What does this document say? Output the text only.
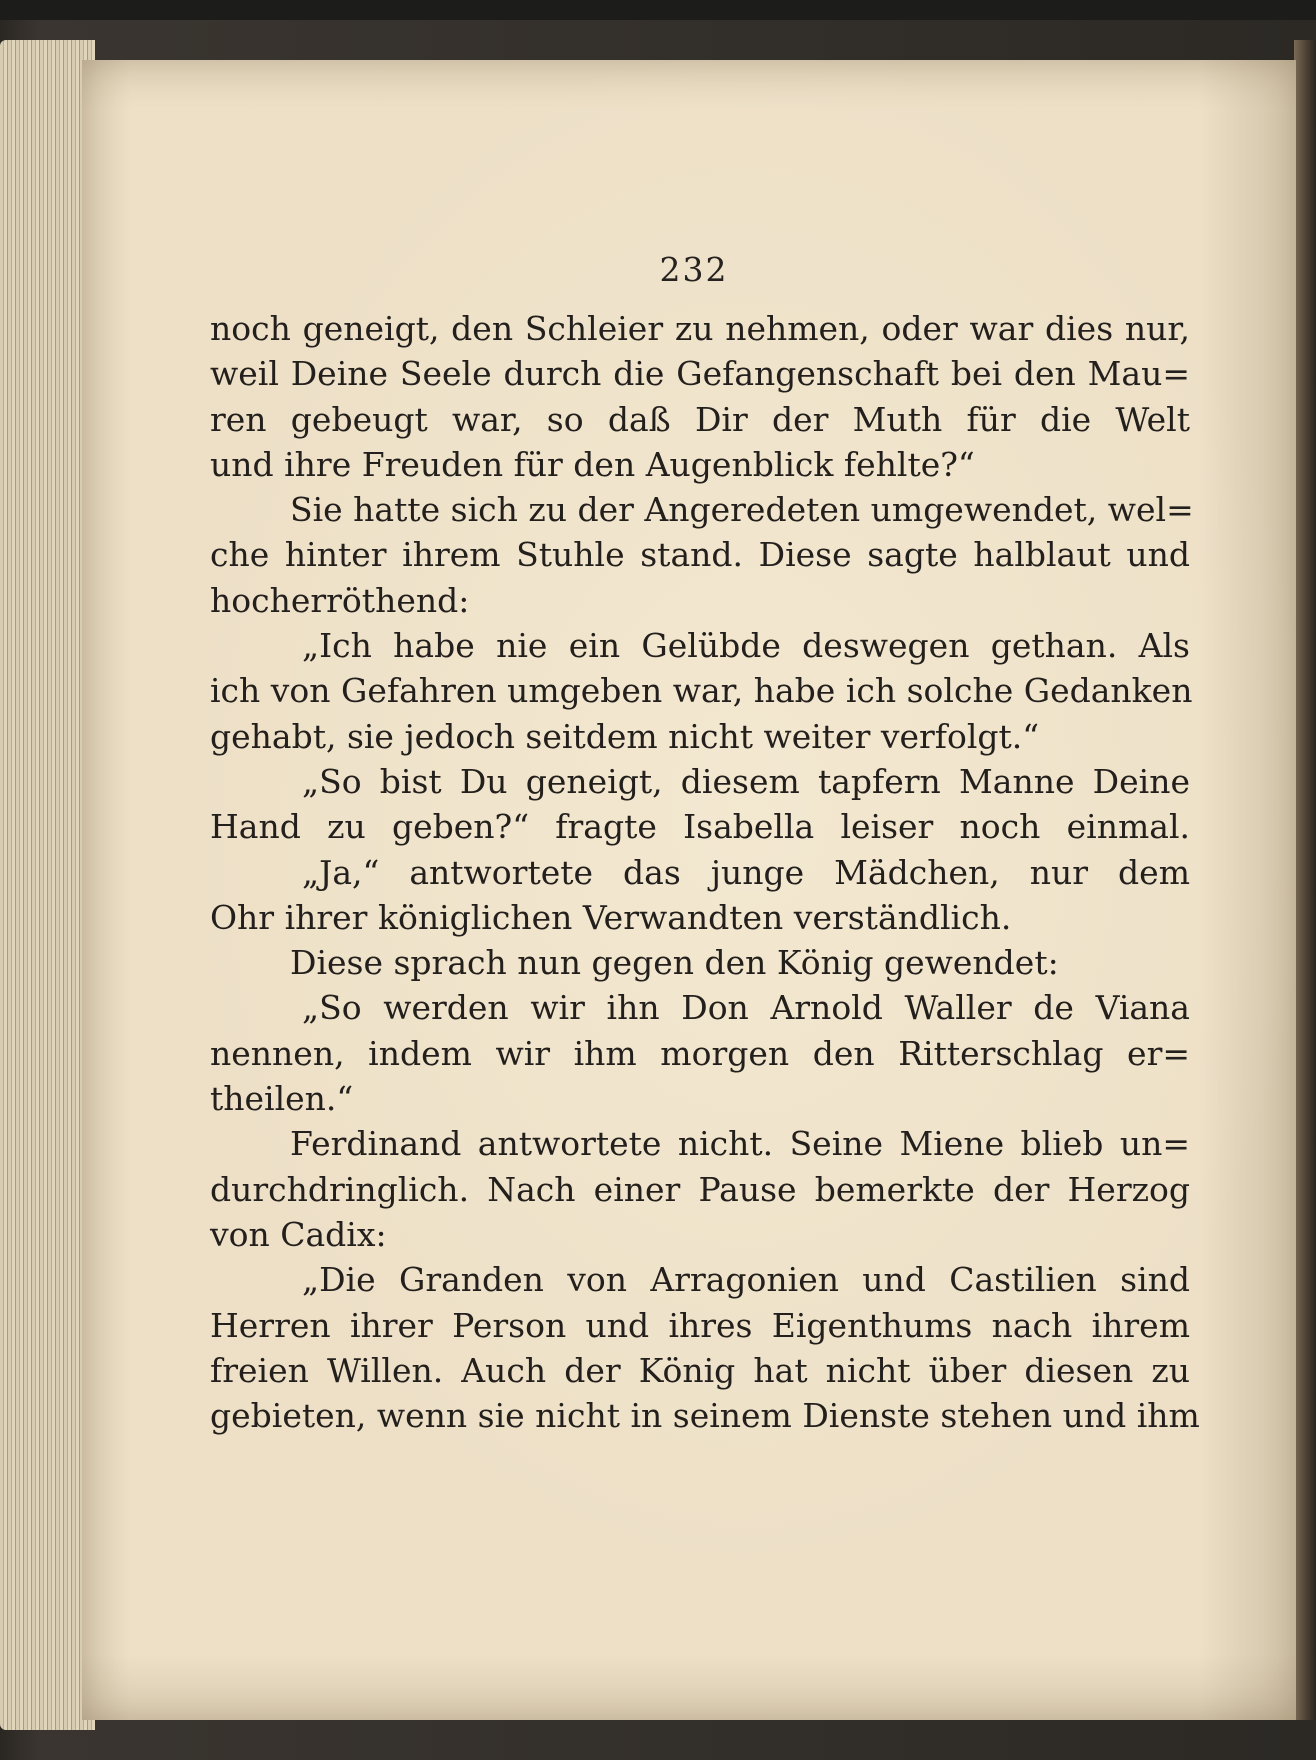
232
noch geneigt, den Schleier zu nehmen, oder war dies nur,
weil Deine Seele durch die Gefangenschaft bei den Mau=
ren gebeugt war, so daß Dir der Muth für die Welt
und ihre Freuden für den Augenblick fehlte?“
Sie hatte sich zu der Angeredeten umgewendet, wel=
che hinter ihrem Stuhle stand. Diese sagte halblaut und
hocherröthend:
„Ich habe nie ein Gelübde deswegen gethan. Als
ich von Gefahren umgeben war, habe ich solche Gedanken
gehabt, sie jedoch seitdem nicht weiter verfolgt.“
„So bist Du geneigt, diesem tapfern Manne Deine
Hand zu geben?“ fragte Isabella leiser noch einmal.
„Ja,“ antwortete das junge Mädchen, nur dem
Ohr ihrer königlichen Verwandten verständlich.
Diese sprach nun gegen den König gewendet:
„So werden wir ihn Don Arnold Waller de Viana
nennen, indem wir ihm morgen den Ritterschlag er=
theilen.“
Ferdinand antwortete nicht. Seine Miene blieb un=
durchdringlich. Nach einer Pause bemerkte der Herzog
von Cadix:
„Die Granden von Arragonien und Castilien sind
Herren ihrer Person und ihres Eigenthums nach ihrem
freien Willen. Auch der König hat nicht über diesen zu
gebieten, wenn sie nicht in seinem Dienste stehen und ihm
